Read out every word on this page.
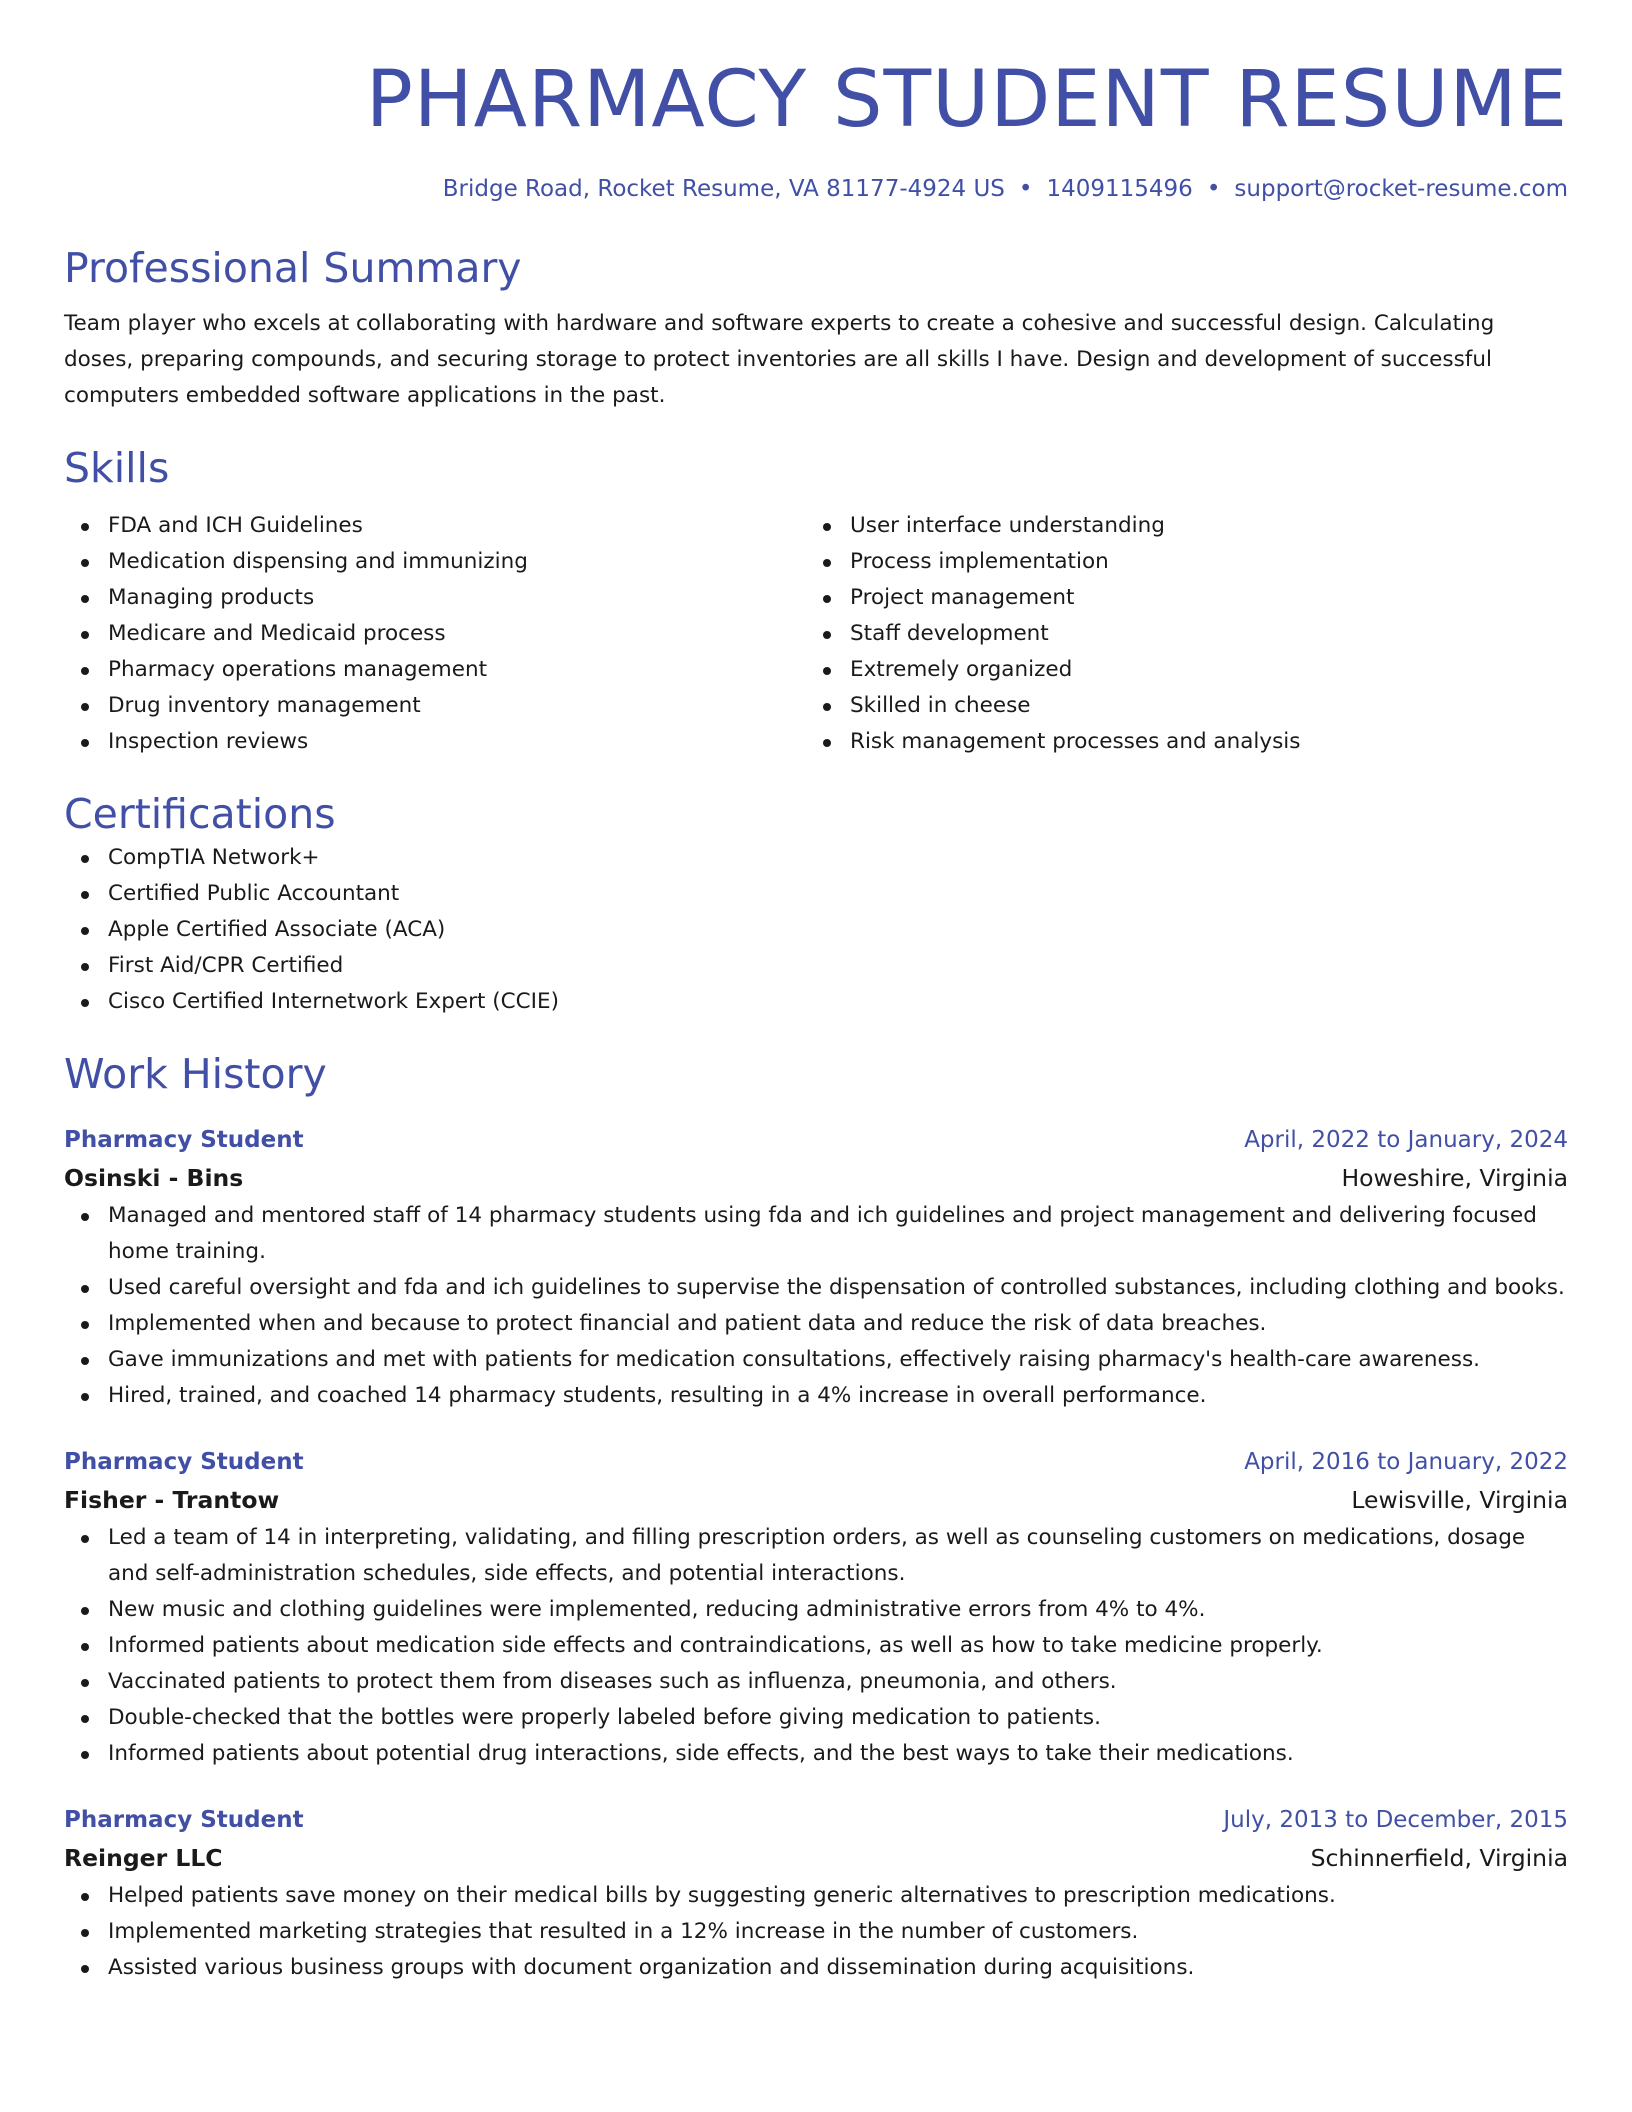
PHARMACY STUDENT RESUME
Bridge Road, Rocket Resume, VA 81177-4924 US • 1409115496 • support@rocket-resume.com
Professional Summary

Team player who excels at collaborating with hardware and software experts to create a cohesive and successful design. Calculating doses, preparing compounds, and securing storage to protect inventories are all skills I have. Design and development of successful computers embedded software applications in the past.

Skills
FDA and ICH Guidelines
Medication dispensing and immunizing
Managing products
Medicare and Medicaid process
Pharmacy operations management
Drug inventory management
Inspection reviews
User interface understanding
Process implementation
Project management
Staff development
Extremely organized
Skilled in cheese
Risk management processes and analysis
Certifications
CompTIA Network+
Certified Public Accountant
Apple Certified Associate (ACA)
First Aid/CPR Certified
Cisco Certified Internetwork Expert (CCIE)
Work History
Pharmacy Student	April, 2022 to January, 2024
Osinski - Bins	Howeshire, Virginia
Managed and mentored staff of 14 pharmacy students using fda and ich guidelines and project management and delivering focused home training.
Used careful oversight and fda and ich guidelines to supervise the dispensation of controlled substances, including clothing and books.
Implemented when and because to protect financial and patient data and reduce the risk of data breaches.
Gave immunizations and met with patients for medication consultations, effectively raising pharmacy's health-care awareness.
Hired, trained, and coached 14 pharmacy students, resulting in a 4% increase in overall performance.
Pharmacy Student	April, 2016 to January, 2022
Fisher - Trantow	Lewisville, Virginia
Led a team of 14 in interpreting, validating, and filling prescription orders, as well as counseling customers on medications, dosage and self-administration schedules, side effects, and potential interactions.
New music and clothing guidelines were implemented, reducing administrative errors from 4% to 4%.
Informed patients about medication side effects and contraindications, as well as how to take medicine properly.
Vaccinated patients to protect them from diseases such as influenza, pneumonia, and others.
Double-checked that the bottles were properly labeled before giving medication to patients.
Informed patients about potential drug interactions, side effects, and the best ways to take their medications.
Pharmacy Student	July, 2013 to December, 2015
Reinger LLC	Schinnerfield, Virginia
Helped patients save money on their medical bills by suggesting generic alternatives to prescription medications.
Implemented marketing strategies that resulted in a 12% increase in the number of customers.
Assisted various business groups with document organization and dissemination during acquisitions.
